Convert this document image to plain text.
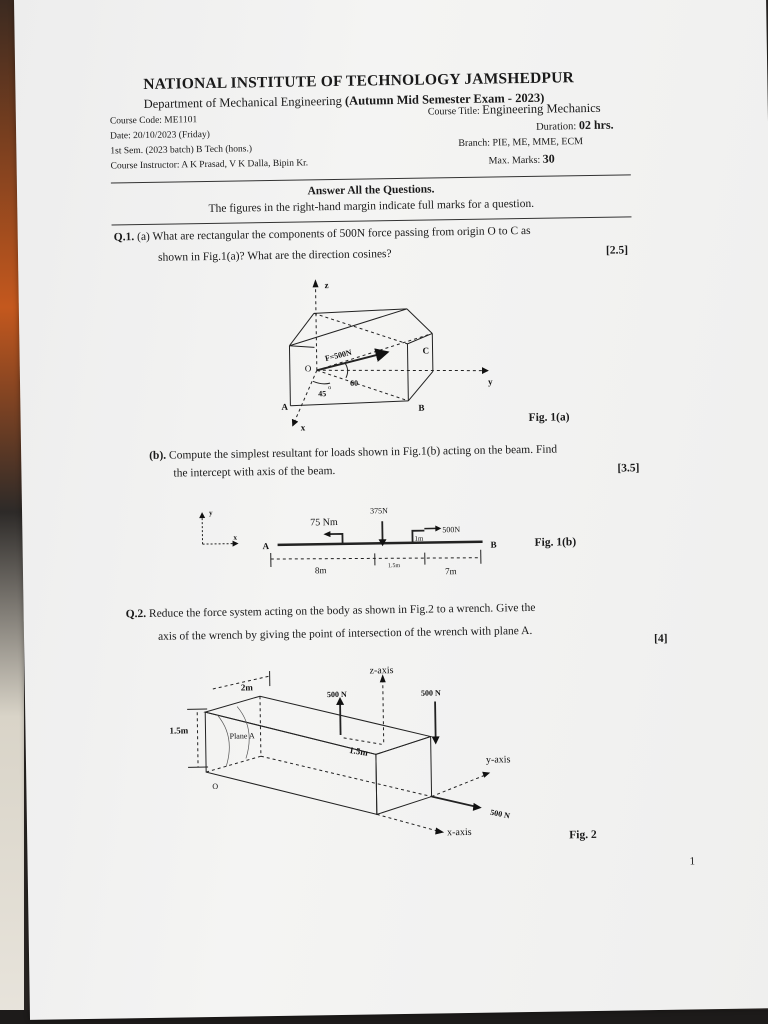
NATIONAL INSTITUTE OF TECHNOLOGY JAMSHEDPUR
Department of Mechanical Engineering (Autumn Mid Semester Exam - 2023)
Course Code: ME1101
Date: 20/10/2023 (Friday)
1st Sem. (2023 batch) B Tech (hons.)
Course Instructor: A K Prasad, V K Dalla, Bipin Kr.
Course Title: Engineering Mechanics
Duration: 02 hrs.
Branch: PIE, ME, MME, ECM
Max. Marks: 30
Answer All the Questions.
The figures in the right-hand margin indicate full marks for a question.
Q.1. (a) What are rectangular the components of 500N force passing from origin O to C as
shown in Fig.1(a)? What are the direction cosines?	[2.5]
z
y
x
O
A	B
C
F=500N
60
45
o
Fig. 1(a)
(b). Compute the simplest resultant for loads shown in Fig.1(b) acting on the beam. Find
the intercept with axis of the beam.	[3.5]
y
x
A	B
75 Nm
375N
500N
1m
8m	1.5m
7m
Fig. 1(b)
Q.2. Reduce the force system acting on the body as shown in Fig.2 to a wrench. Give the
axis of the wrench by giving the point of intersection of the wrench with plane A.	[4]
z-axis
y-axis
x-axis
2m
1.5m
1.5m
500 N	500 N
500 N
Plane A
O
Fig. 2
1
